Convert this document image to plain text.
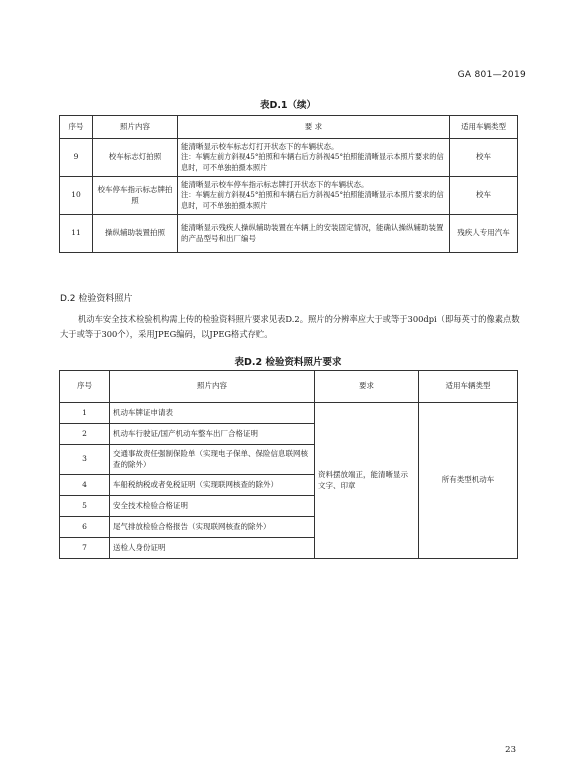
GA 801—2019
表D.1（续）
序号	照片内容	要 求	适用车辆类型
9	校车标志灯拍照	能清晰显示校车标志灯打开状态下的车辆状态。
注：车辆左前方斜视45°拍照和车辆右后方斜视45°拍照能清晰显示本照片要求的信息时，可不单独拍摄本照片	校车
10	校车停车指示标志牌拍照	能清晰显示校车停车指示标志牌打开状态下的车辆状态。
注：车辆左前方斜视45°拍照和车辆右后方斜视45°拍照能清晰显示本照片要求的信息时，可不单独拍摄本照片	校车
11	操纵辅助装置拍照	能清晰显示残疾人操纵辅助装置在车辆上的安装固定情况，能确认操纵辅助装置的产品型号和出厂编号	残疾人专用汽车
D.2 检验资料照片
机动车安全技术检验机构需上传的检验资料照片要求见表D.2。照片的分辨率应大于或等于300dpi（即每英寸的像素点数大于或等于300个），采用JPEG编码，以JPEG格式存贮。
表D.2 检验资料照片要求
序号	照片内容	要求	适用车辆类型
1	机动车牌证申请表	资料摆放端正，能清晰显示文字、印章	所有类型机动车
2	机动车行驶证/国产机动车整车出厂合格证明		
3	交通事故责任强制保险单（实现电子保单、保险信息联网核查的除外）		
4	车船税纳税或者免税证明（实现联网核查的除外）		
5	安全技术检验合格证明		
6	尾气排放检验合格报告（实现联网核查的除外）		
7	送检人身份证明		
23
